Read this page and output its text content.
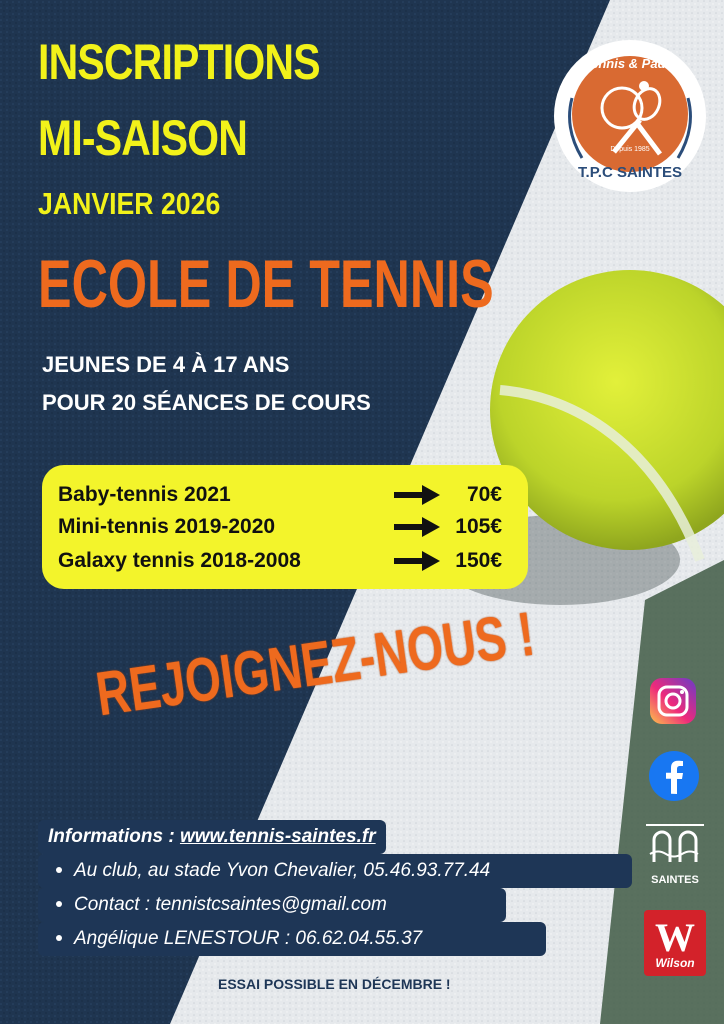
INSCRIPTIONS
MI-SAISON
JANVIER 2026
ECOLE DE TENNIS
JEUNES DE 4 À 17 ANS
POUR 20 SÉANCES DE COURS
Baby-tennis 2021	70€
Mini-tennis 2019-2020	105€
Galaxy tennis 2018-2008	150€
REJOIGNEZ-NOUS !
Informations : www.tennis-saintes.fr
Au club, au stade Yvon Chevalier, 05.46.93.77.44
Contact : tennistcsaintes@gmail.com
Angélique LENESTOUR : 06.62.04.55.37
ESSAI POSSIBLE EN DÉCEMBRE !
Tennis & Padel
Depuis 1985
T.P.C SAINTES
SAINTES
W
Wilson
